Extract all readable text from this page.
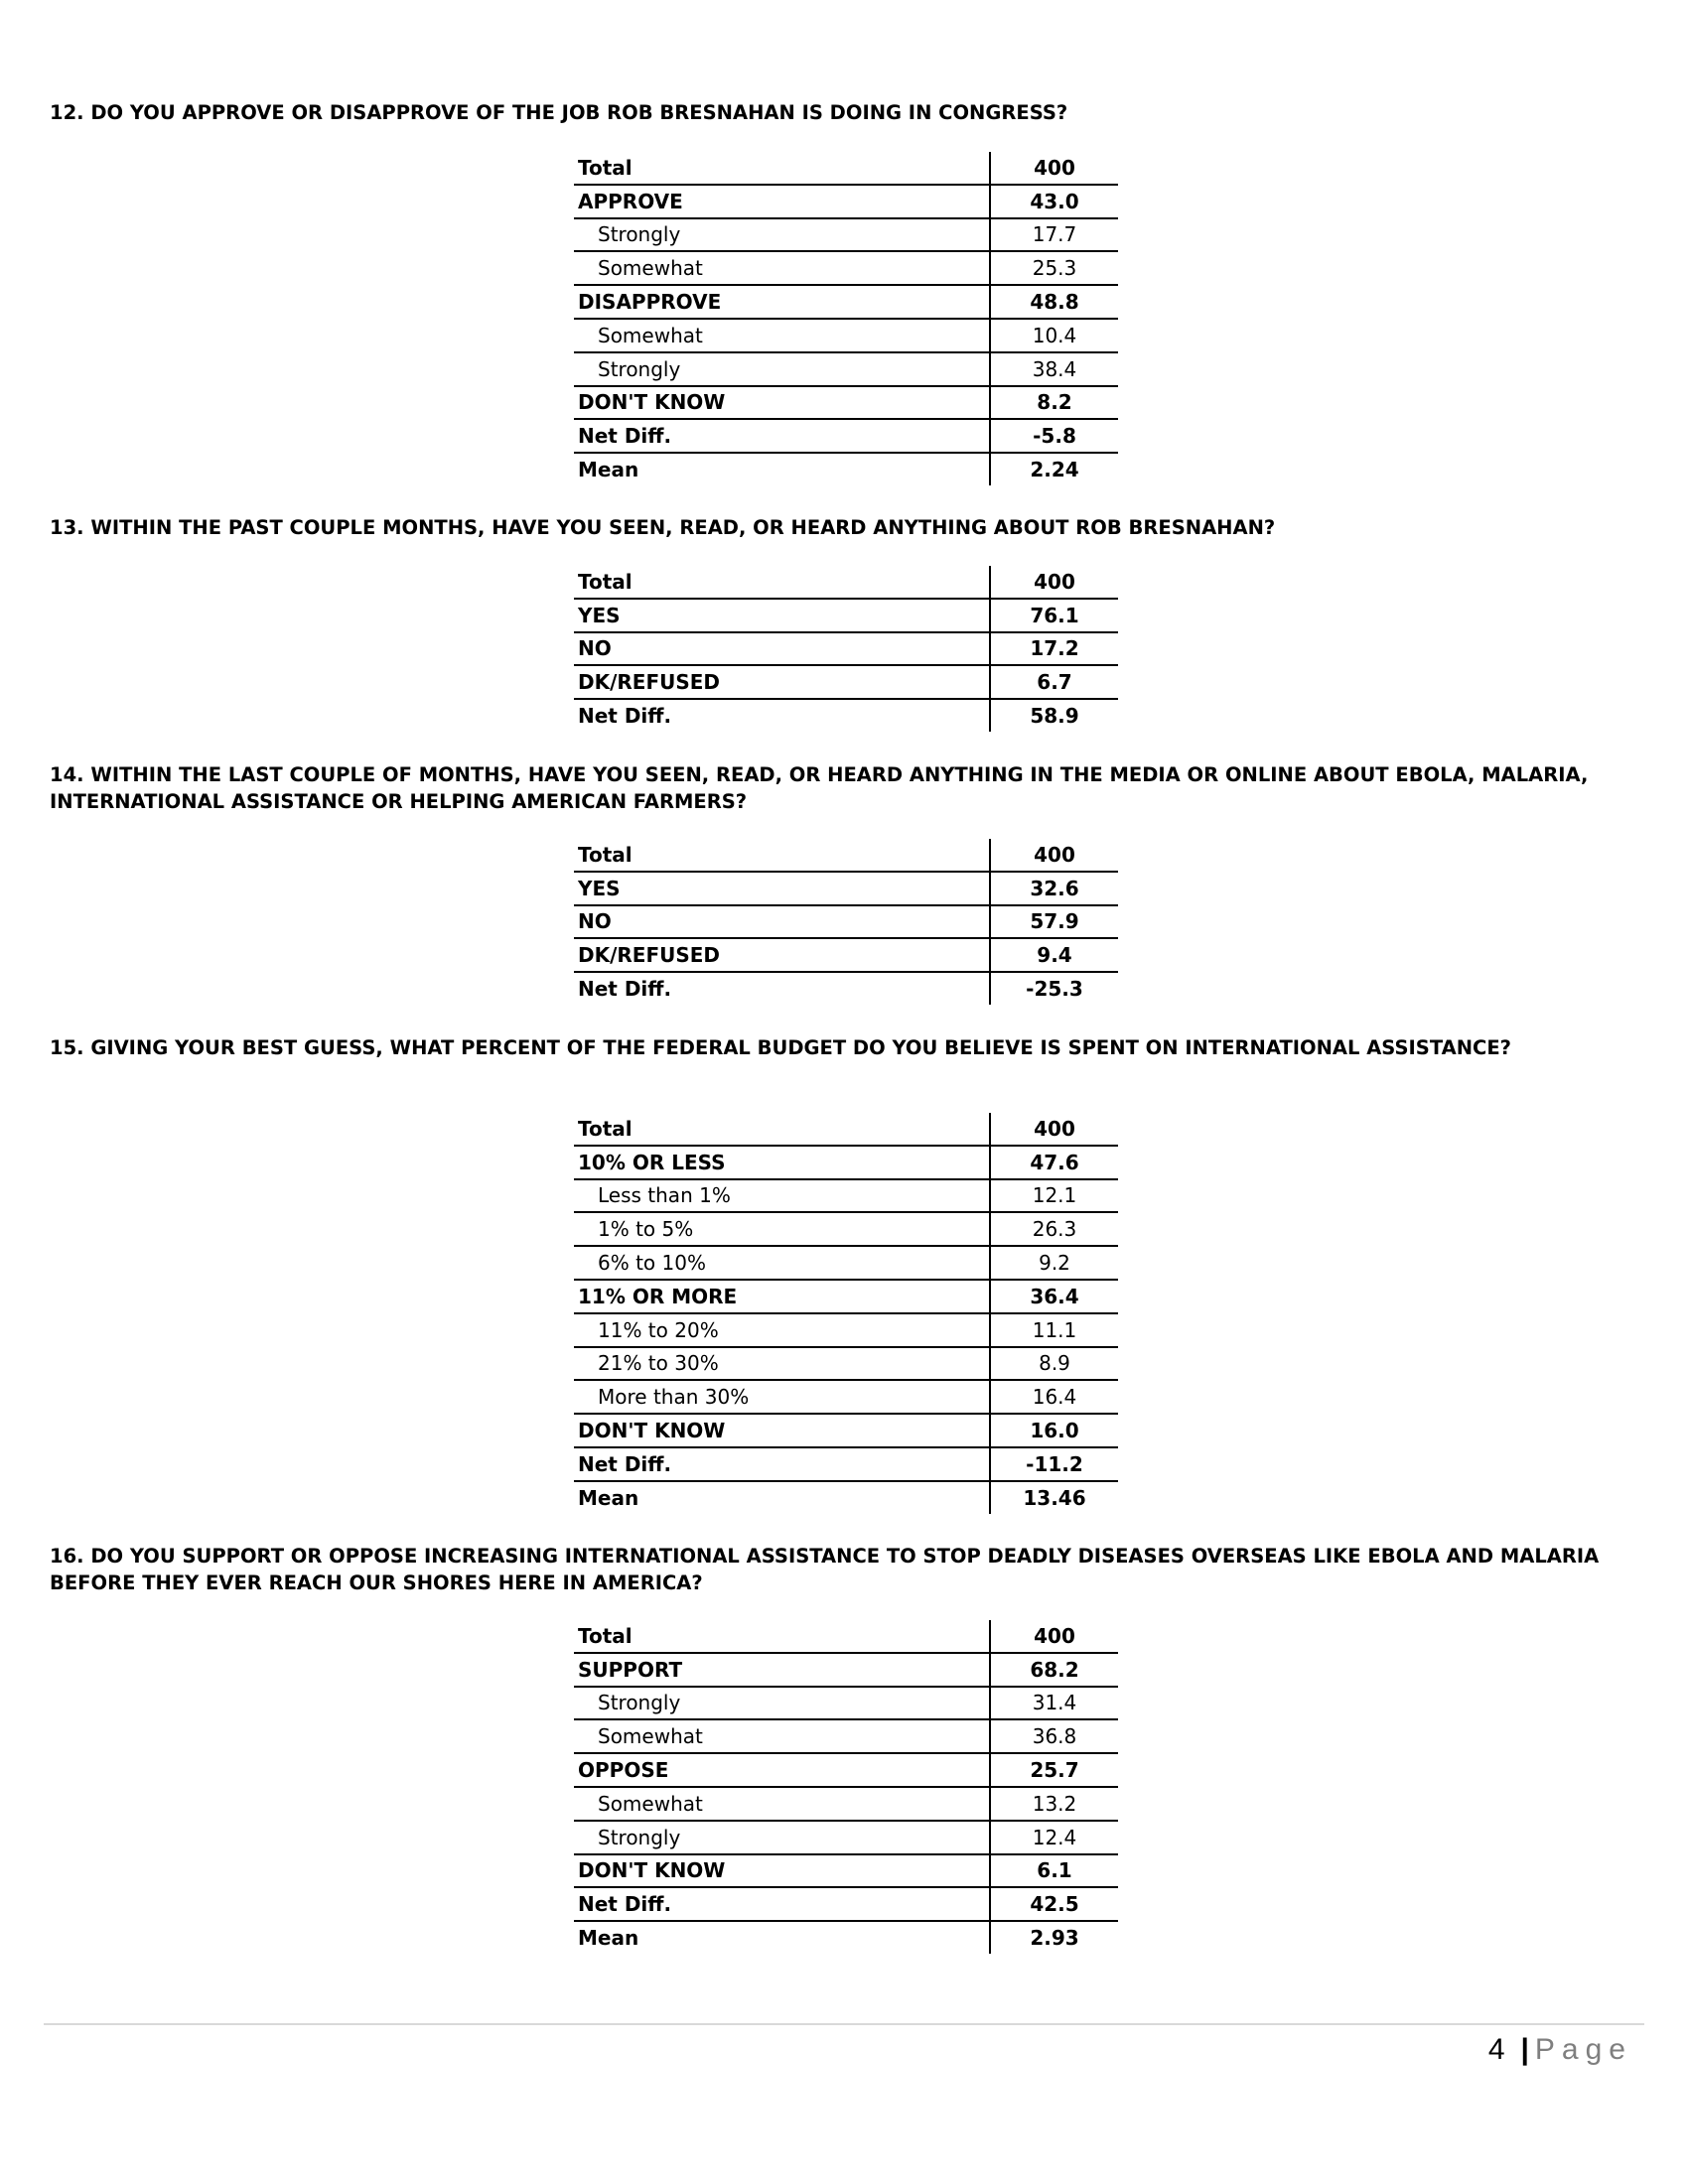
12. DO YOU APPROVE OR DISAPPROVE OF THE JOB ROB BRESNAHAN IS DOING IN CONGRESS?
Total	400
APPROVE	43.0
Strongly	17.7
Somewhat	25.3
DISAPPROVE	48.8
Somewhat	10.4
Strongly	38.4
DON'T KNOW	8.2
Net Diff.	-5.8
Mean	2.24
13. WITHIN THE PAST COUPLE MONTHS, HAVE YOU SEEN, READ, OR HEARD ANYTHING ABOUT ROB BRESNAHAN?
Total	400
YES	76.1
NO	17.2
DK/REFUSED	6.7
Net Diff.	58.9
14. WITHIN THE LAST COUPLE OF MONTHS, HAVE YOU SEEN, READ, OR HEARD ANYTHING IN THE MEDIA OR ONLINE ABOUT EBOLA, MALARIA, INTERNATIONAL ASSISTANCE OR HELPING AMERICAN FARMERS?
Total	400
YES	32.6
NO	57.9
DK/REFUSED	9.4
Net Diff.	-25.3
15. GIVING YOUR BEST GUESS, WHAT PERCENT OF THE FEDERAL BUDGET DO YOU BELIEVE IS SPENT ON INTERNATIONAL ASSISTANCE?
Total	400
10% OR LESS	47.6
Less than 1%	12.1
1% to 5%	26.3
6% to 10%	9.2
11% OR MORE	36.4
11% to 20%	11.1
21% to 30%	8.9
More than 30%	16.4
DON'T KNOW	16.0
Net Diff.	-11.2
Mean	13.46
16. DO YOU SUPPORT OR OPPOSE INCREASING INTERNATIONAL ASSISTANCE TO STOP DEADLY DISEASES OVERSEAS LIKE EBOLA AND MALARIA BEFORE THEY EVER REACH OUR SHORES HERE IN AMERICA?
Total	400
SUPPORT	68.2
Strongly	31.4
Somewhat	36.8
OPPOSE	25.7
Somewhat	13.2
Strongly	12.4
DON'T KNOW	6.1
Net Diff.	42.5
Mean	2.93
4 | Page
